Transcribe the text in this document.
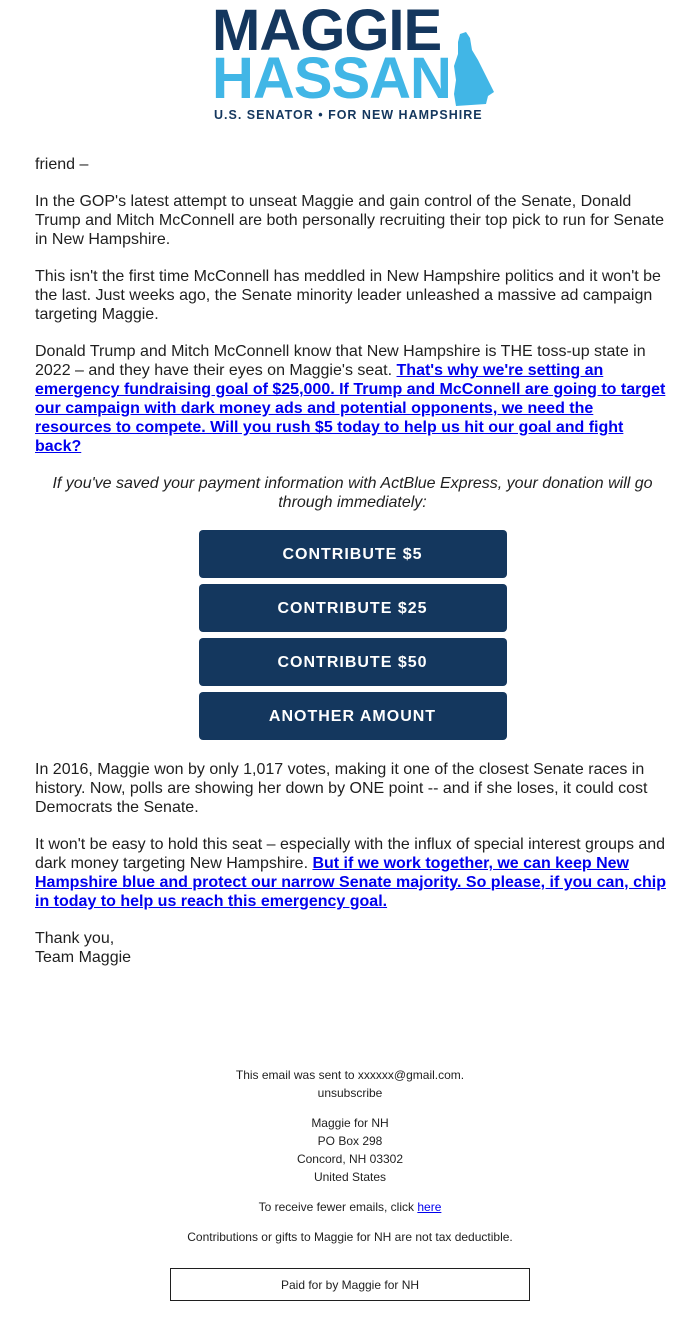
MAGGIE
HASSAN
U.S. SENATOR • FOR NEW HAMPSHIRE

friend –

In the GOP's latest attempt to unseat Maggie and gain control of the Senate, Donald Trump and Mitch McConnell are both personally recruiting their top pick to run for Senate in New Hampshire.

This isn't the first time McConnell has meddled in New Hampshire politics and it won't be the last. Just weeks ago, the Senate minority leader unleashed a massive ad campaign targeting Maggie.

Donald Trump and Mitch McConnell know that New Hampshire is THE toss-up state in 2022 – and they have their eyes on Maggie's seat. That's why we're setting an emergency fundraising goal of $25,000. If Trump and McConnell are going to target our campaign with dark money ads and potential opponents, we need the resources to compete. Will you rush $5 today to help us hit our goal and fight back?

If you've saved your payment information with ActBlue Express, your donation will go through immediately:

CONTRIBUTE $5
CONTRIBUTE $25
CONTRIBUTE $50
ANOTHER AMOUNT

In 2016, Maggie won by only 1,017 votes, making it one of the closest Senate races in history. Now, polls are showing her down by ONE point -- and if she loses, it could cost Democrats the Senate.

It won't be easy to hold this seat – especially with the influx of special interest groups and dark money targeting New Hampshire. But if we work together, we can keep New Hampshire blue and protect our narrow Senate majority. So please, if you can, chip in today to help us reach this emergency goal.

Thank you,
Team Maggie

This email was sent to xxxxxx@gmail.com.
unsubscribe

Maggie for NH
PO Box 298
Concord, NH 03302
United States

To receive fewer emails, click here

Contributions or gifts to Maggie for NH are not tax deductible.

Paid for by Maggie for NH
